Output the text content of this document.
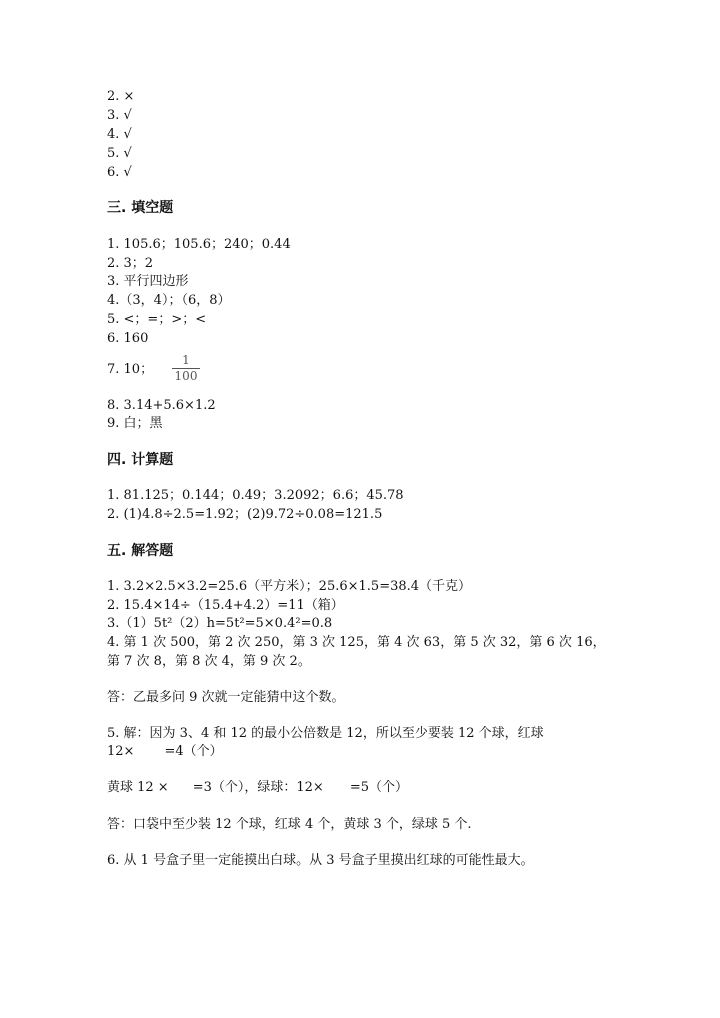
2. ×
3. √
4. √
5. √
6. √
三. 填空题
1. 105.6；105.6；240；0.44
2. 3；2
3. 平行四边形
4.（3，4）；（6，8）
5. <；=；>；<
6. 160
7. 10；
1
100
8. 3.14+5.6×1.2
9. 白；黑
四. 计算题
1. 81.125；0.144；0.49；3.2092；6.6；45.78
2. (1)4.8÷2.5=1.92；(2)9.72÷0.08=121.5
五. 解答题
1. 3.2×2.5×3.2=25.6（平方米）；25.6×1.5=38.4（千克）
2. 15.4×14÷（15.4+4.2）=11（箱）
3.（1）5t²（2）h=5t²=5×0.4²=0.8
4. 第 1 次 500，第 2 次 250，第 3 次 125，第 4 次 63，第 5 次 32，第 6 次 16，
第 7 次 8，第 8 次 4，第 9 次 2。
答：乙最多问 9 次就一定能猜中这个数。
5. 解：因为 3、4 和 12 的最小公倍数是 12，所以至少要装 12 个球，红球
12× =4（个）
黄球 12 × =3（个），绿球：12× =5（个）
答：口袋中至少装 12 个球，红球 4 个，黄球 3 个，绿球 5 个.
6. 从 1 号盒子里一定能摸出白球。从 3 号盒子里摸出红球的可能性最大。
